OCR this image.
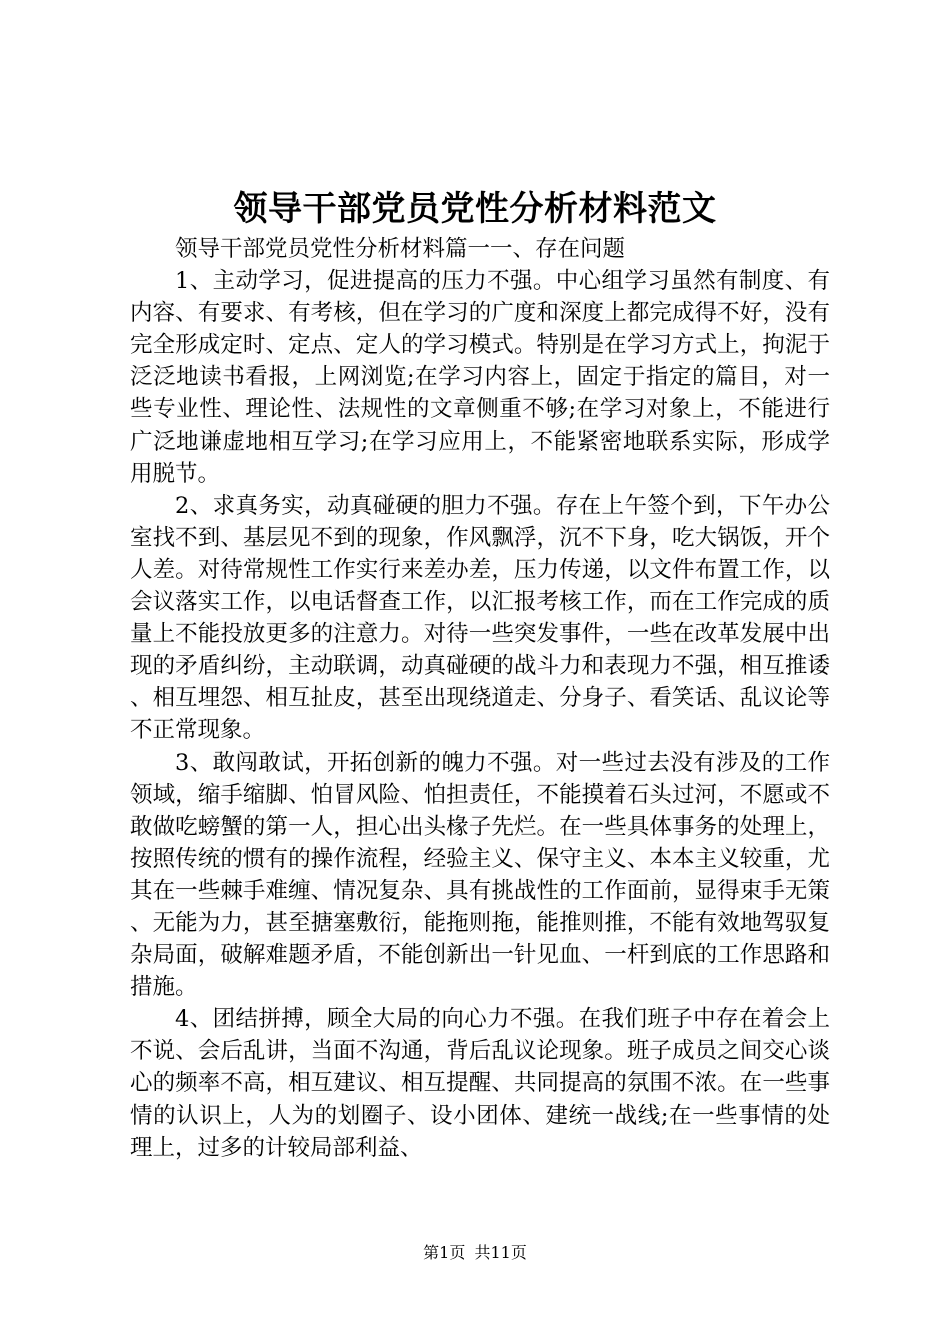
领导干部党员党性分析材料范文

领导干部党员党性分析材料篇一一、存在问题

1、主动学习，促进提高的压力不强。中心组学习虽然有制度、有内容、有要求、有考核，但在学习的广度和深度上都完成得不好，没有完全形成定时、定点、定人的学习模式。特别是在学习方式上，拘泥于泛泛地读书看报，上网浏览;在学习内容上，固定于指定的篇目，对一些专业性、理论性、法规性的文章侧重不够;在学习对象上，不能进行广泛地谦虚地相互学习;在学习应用上，不能紧密地联系实际，形成学用脱节。

2、求真务实，动真碰硬的胆力不强。存在上午签个到，下午办公室找不到、基层见不到的现象，作风飘浮，沉不下身，吃大锅饭，开个人差。对待常规性工作实行来差办差，压力传递，以文件布置工作，以会议落实工作，以电话督查工作，以汇报考核工作，而在工作完成的质量上不能投放更多的注意力。对待一些突发事件，一些在改革发展中出现的矛盾纠纷，主动联调，动真碰硬的战斗力和表现力不强，相互推诿、相互埋怨、相互扯皮，甚至出现绕道走、分身子、看笑话、乱议论等不正常现象。

3、敢闯敢试，开拓创新的魄力不强。对一些过去没有涉及的工作领域，缩手缩脚、怕冒风险、怕担责任，不能摸着石头过河，不愿或不敢做吃螃蟹的第一人，担心出头椽子先烂。在一些具体事务的处理上，按照传统的惯有的操作流程，经验主义、保守主义、本本主义较重，尤其在一些棘手难缠、情况复杂、具有挑战性的工作面前，显得束手无策、无能为力，甚至搪塞敷衍，能拖则拖，能推则推，不能有效地驾驭复杂局面，破解难题矛盾，不能创新出一针见血、一杆到底的工作思路和措施。

4、团结拼搏，顾全大局的向心力不强。在我们班子中存在着会上不说、会后乱讲，当面不沟通，背后乱议论现象。班子成员之间交心谈心的频率不高，相互建议、相互提醒、共同提高的氛围不浓。在一些事情的认识上，人为的划圈子、设小团体、建统一战线;在一些事情的处理上，过多的计较局部利益、

第1页 共11页
